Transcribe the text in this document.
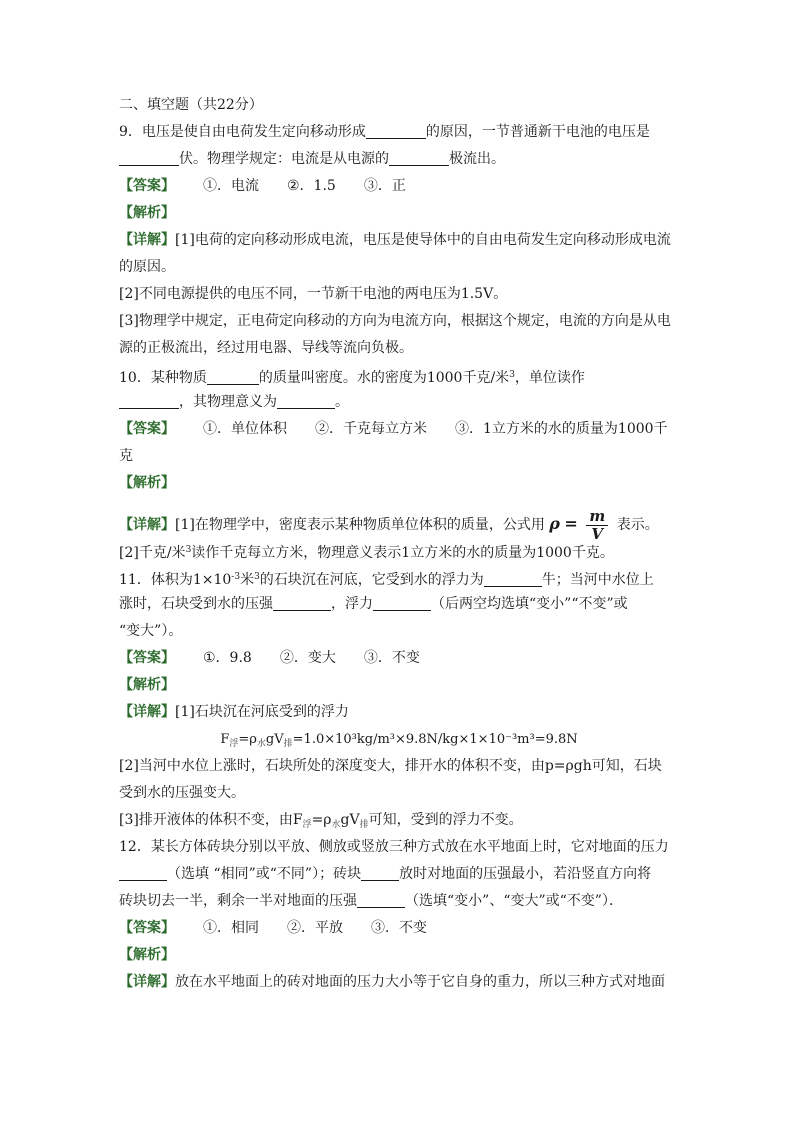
二、填空题（共22分）
9．电压是使自由电荷发生定向移动形成	的原因，一节普通新干电池的电压是
伏。物理学规定：电流是从电源的	极流出。
【答案】 ①．电流 ②．1.5 ③．正
【解析】
【详解】[1]电荷的定向移动形成电流，电压是使导体中的自由电荷发生定向移动形成电流
的原因。
[2]不同电源提供的电压不同，一节新干电池的两电压为1.5V。
[3]物理学中规定，正电荷定向移动的方向为电流方向，根据这个规定，电流的方向是从电
源的正极流出，经过用电器、导线等流向负极。
10．某种物质	的质量叫密度。水的密度为1000千克/米$^3$，单位读作
，其物理意义为	。
【答案】 ①．单位体积 ②．千克每立方米 ③．1立方米的水的质量为1000千
克
【解析】
【详解】[1]在物理学中，密度表示某种物质单位体积的质量，公式用 $\rho = \frac{m}{V}$ 表示。
[2]千克/米$^3$读作千克每立方米，物理意义表示1立方米的水的质量为1000千克。
11．体积为$1\times 10^{-3}$米$^3$的石块沉在河底，它受到水的浮力为	牛；当河中水位上
涨时，石块受到水的压强	，浮力	（后两空均选填“变小”“不变”或
“变大”）。
【答案】 ①．9.8 ②．变大 ③．不变
【解析】
【详解】[1]石块沉在河底受到的浮力
$F_浮=\rho_水gV_排=1.0\times 10^3kg/m^3\times 9.8N/kg\times 1\times 10^{-3}m^3=9.8N$
[2]当河中水位上涨时，石块所处的深度变大，排开水的体积不变，由p=ρgh可知，石块
受到水的压强变大。
[3]排开液体的体积不变，由$F_浮=\rho_水gV_排$可知，受到的浮力不变。
12．某长方体砖块分别以平放、侧放或竖放三种方式放在水平地面上时，它对地面的压力
（选填 “相同”或“不同”）；砖块	放时对地面的压强最小，若沿竖直方向将
砖块切去一半，剩余一半对地面的压强	（选填“变小”、“变大”或“不变”）．
【答案】 ①．相同 ②．平放 ③．不变
【解析】
【详解】放在水平地面上的砖对地面的压力大小等于它自身的重力，所以三种方式对地面
